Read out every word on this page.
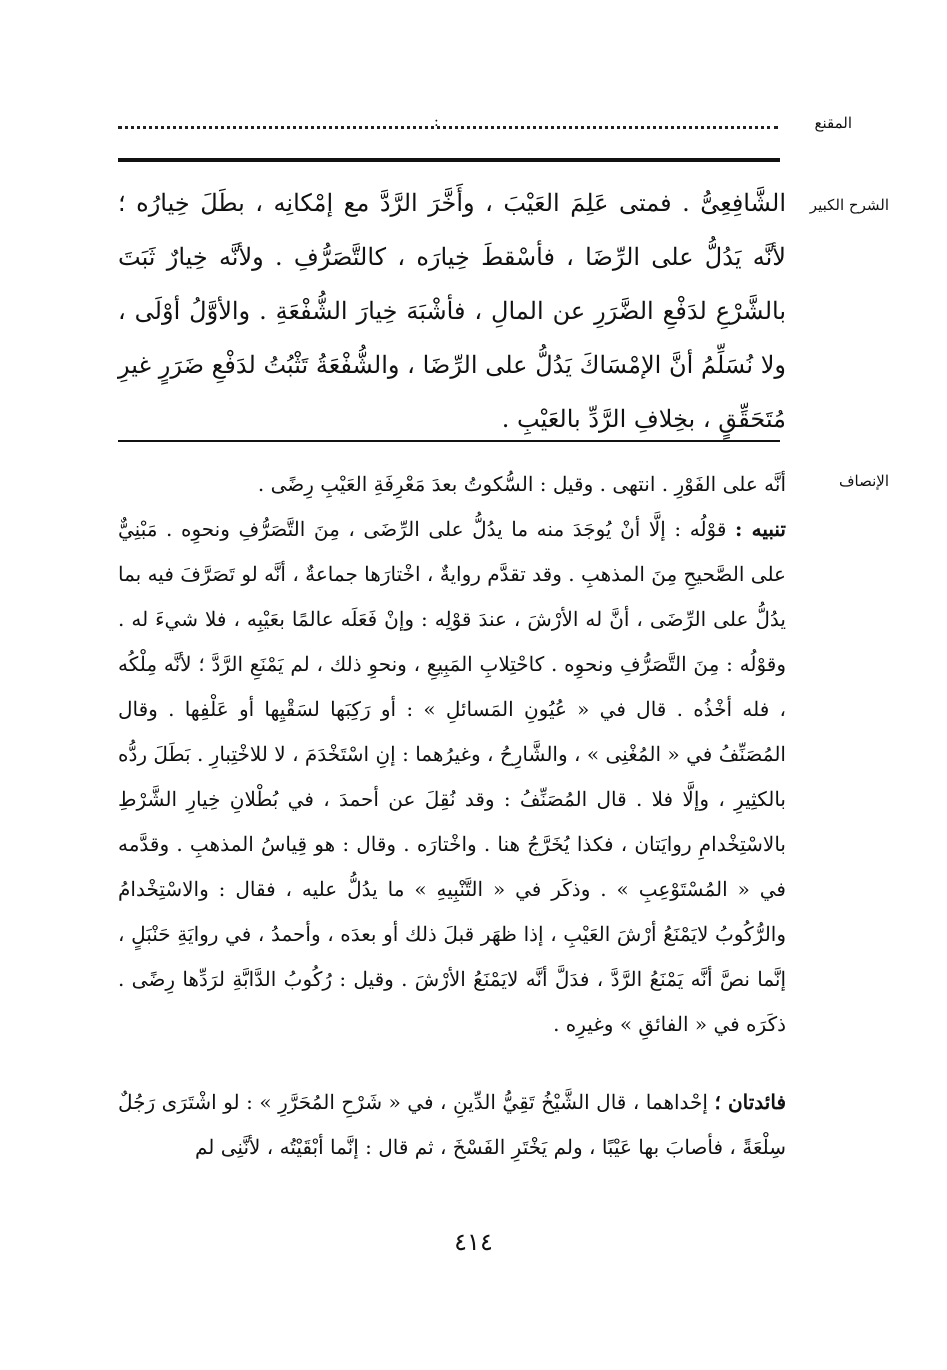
المقنع
:
الشرح الكبير

الشَّافِعِىُّ . فمتى عَلِمَ العَيْبَ ، وأَخَّرَ الرَّدَّ مع إمْكانِه ، بطَلَ خِيارُه ؛ لأنَّه يَدُلُّ على الرِّضَا ، فأسْقطَ خِيارَه ، كالتَّصَرُّفِ . ولأنَّه خِيارٌ ثَبَتَ بالشَّرْعِ لدَفْعِ الضَّرَرِ عن المالِ ، فأشْبَهَ خِيارَ الشُّفْعَةِ . والأوَّلُ أوْلَى ، ولا نُسَلِّمُ أنَّ الإمْسَاكَ يَدُلُّ على الرِّضَا ، والشُّفْعَةُ تَثْبُتُ لدَفْعِ ضَرَرٍ غيرِ مُتَحَقِّقٍ ، بخِلافِ الرَّدِّ بالعَيْبِ .

الإنصاف

أنَّه على الفَوْرِ . انتهى . وقيل : السُّكوتُ بعدَ مَعْرِفَةِ العَيْبِ رِضًى .

تنبيه : قوْلُه : إلَّا أنْ يُوجَدَ منه ما يدُلُّ على الرِّضَى ، مِنَ التَّصَرُّفِ ونحوِه . مَبْنِيٌّ على الصَّحيحِ مِنَ المذهبِ . وقد تقدَّم روايةٌ ، اخْتارَها جماعةٌ ، أنَّه لو تَصَرَّفَ فيه بما يدُلُّ على الرِّضَى ، أنَّ له الأرْشَ ، عندَ قوْلِه : وإنْ فَعَلَه عالمًا بعَيْبِه ، فلا شيءَ له . وقوْلُه : مِنَ التَّصَرُّفِ ونحوِه . كاحْتِلابِ المَبِيعِ ، ونحوِ ذلك ، لم يَمْنَعِ الرَّدَّ ؛ لأنَّه مِلْكُه ، فله أخْذُه . قال في « عُيُونِ المَسائلِ » : أو رَكِبَها لسَقْيِها أو عَلْفِها . وقال المُصَنِّفُ في « المُغْنِى » ، والشَّارِحُ ، وغيرُهما : إنِ اسْتَخْدَمَ ، لا للاخْتِبارِ . بَطَلَ ردُّه بالكثِيرِ ، وإلَّا فلا . قال المُصَنِّفُ : وقد نُقِلَ عن أحمدَ ، في بُطْلانِ خِيارِ الشَّرْطِ بالاسْتِخْدامِ روايَتان ، فكذا يُخَرَّجُ هنا . واخْتارَه . وقال : هو قِياسُ المذهبِ . وقدَّمه في « المُسْتَوْعِبِ » . وذكَر في « التَّنْبِيهِ » ما يدُلُّ عليه ، فقال : والاسْتِخْدامُ والرُّكُوبُ لايَمْنَعُ أرْشَ العَيْبِ ، إذا ظهَر قبلَ ذلك أو بعدَه ، وأحمدُ ، في روايَةِ حَنْبَلٍ ، إنَّما نصَّ أنَّه يَمْنَعُ الرَّدَّ ، فدَلَّ أنَّه لايَمْنَعُ الأرْشَ . وقيل : رُكُوبُ الدَّابَّةِ لرَدِّها رِضًى . ذكَرَه في « الفائقِ » وغيرِه .

فائدتان ؛ إحْداهما ، قال الشَّيْخُ تَقِيُّ الدِّينِ ، في « شَرْحِ المُحَرَّرِ » : لو اشْتَرَى رَجُلٌ سِلْعَةً ، فأصابَ بها عَيْبًا ، ولم يَخْتَرِ الفَسْخَ ، ثم قال : إنَّما أبْقَيْتُه ، لأنَّنِى لم

٤١٤
